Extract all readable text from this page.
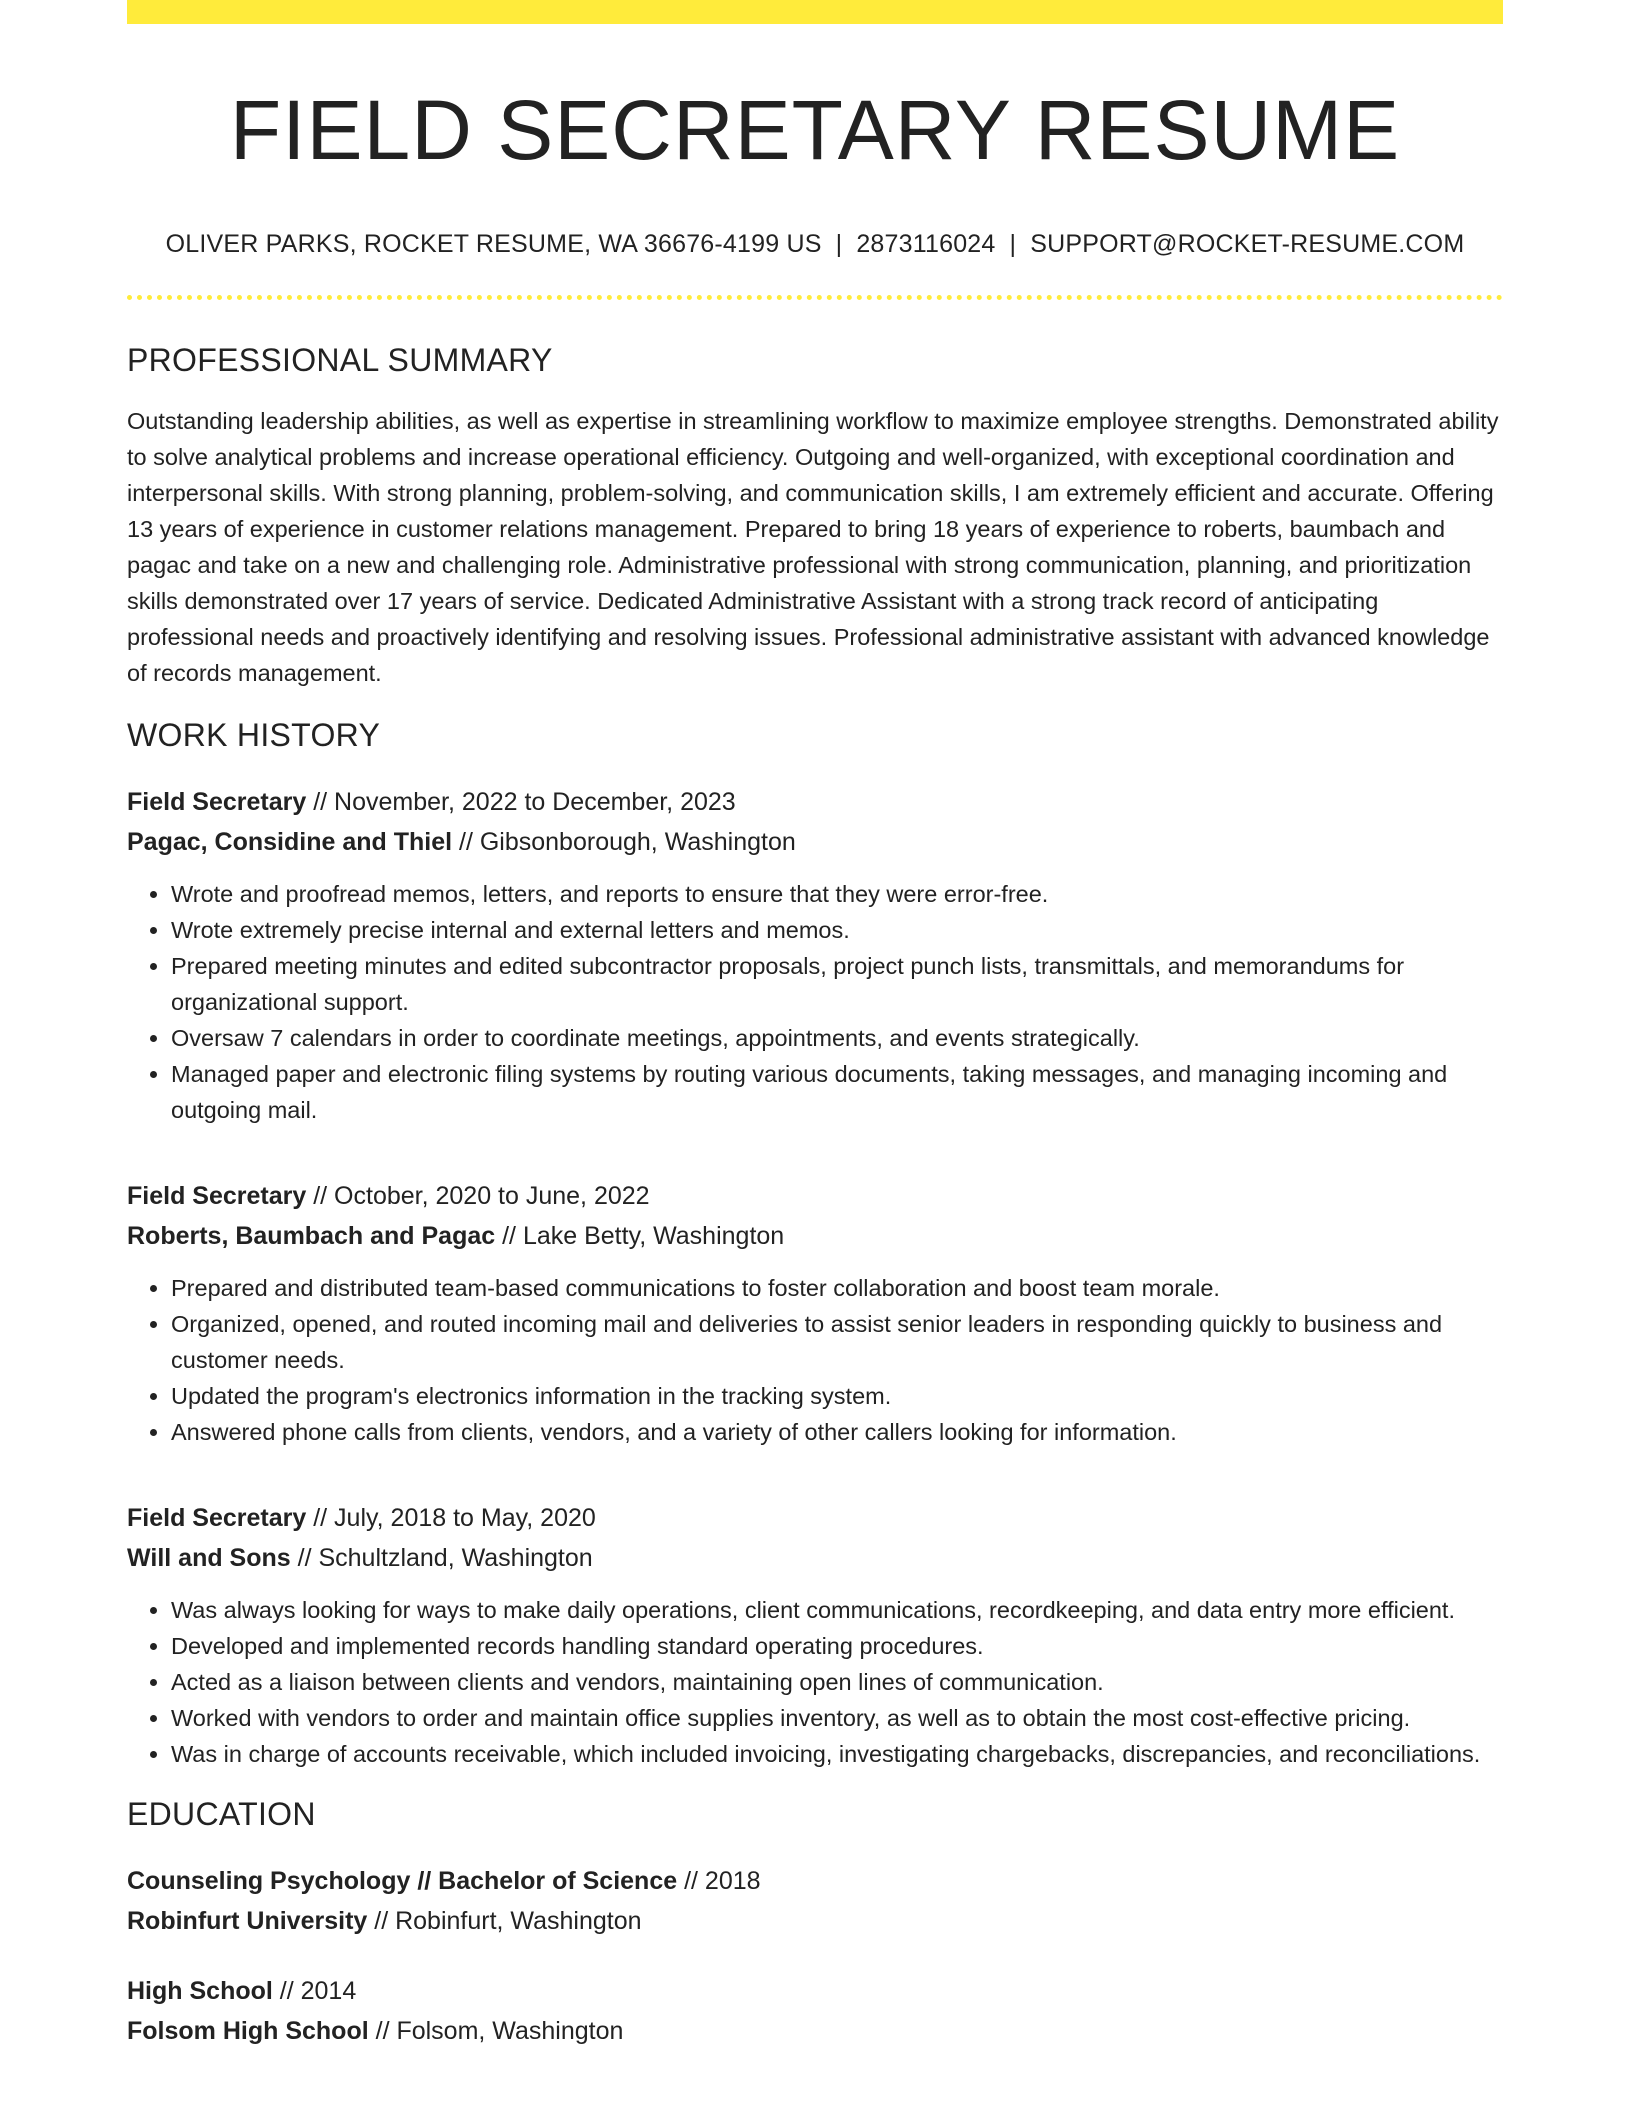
FIELD SECRETARY RESUME
OLIVER PARKS, ROCKET RESUME, WA 36676-4199 US | 2873116024 | SUPPORT@ROCKET-RESUME.COM
PROFESSIONAL SUMMARY

Outstanding leadership abilities, as well as expertise in streamlining workflow to maximize employee strengths. Demonstrated ability to solve analytical problems and increase operational efficiency. Outgoing and well-organized, with exceptional coordination and interpersonal skills. With strong planning, problem-solving, and communication skills, I am extremely efficient and accurate. Offering 13 years of experience in customer relations management. Prepared to bring 18 years of experience to roberts, baumbach and pagac and take on a new and challenging role. Administrative professional with strong communication, planning, and prioritization skills demonstrated over 17 years of service. Dedicated Administrative Assistant with a strong track record of anticipating professional needs and proactively identifying and resolving issues. Professional administrative assistant with advanced knowledge of records management.

WORK HISTORY
Field Secretary // November, 2022 to December, 2023
Pagac, Considine and Thiel // Gibsonborough, Washington
• Wrote and proofread memos, letters, and reports to ensure that they were error-free.
• Wrote extremely precise internal and external letters and memos.
• Prepared meeting minutes and edited subcontractor proposals, project punch lists, transmittals, and memorandums for organizational support.
• Oversaw 7 calendars in order to coordinate meetings, appointments, and events strategically.
• Managed paper and electronic filing systems by routing various documents, taking messages, and managing incoming and outgoing mail.
Field Secretary // October, 2020 to June, 2022
Roberts, Baumbach and Pagac // Lake Betty, Washington
• Prepared and distributed team-based communications to foster collaboration and boost team morale.
• Organized, opened, and routed incoming mail and deliveries to assist senior leaders in responding quickly to business and customer needs.
• Updated the program's electronics information in the tracking system.
• Answered phone calls from clients, vendors, and a variety of other callers looking for information.
Field Secretary // July, 2018 to May, 2020
Will and Sons // Schultzland, Washington
• Was always looking for ways to make daily operations, client communications, recordkeeping, and data entry more efficient.
• Developed and implemented records handling standard operating procedures.
• Acted as a liaison between clients and vendors, maintaining open lines of communication.
• Worked with vendors to order and maintain office supplies inventory, as well as to obtain the most cost-effective pricing.
• Was in charge of accounts receivable, which included invoicing, investigating chargebacks, discrepancies, and reconciliations.
EDUCATION
Counseling Psychology // Bachelor of Science // 2018
Robinfurt University // Robinfurt, Washington
High School // 2014
Folsom High School // Folsom, Washington
